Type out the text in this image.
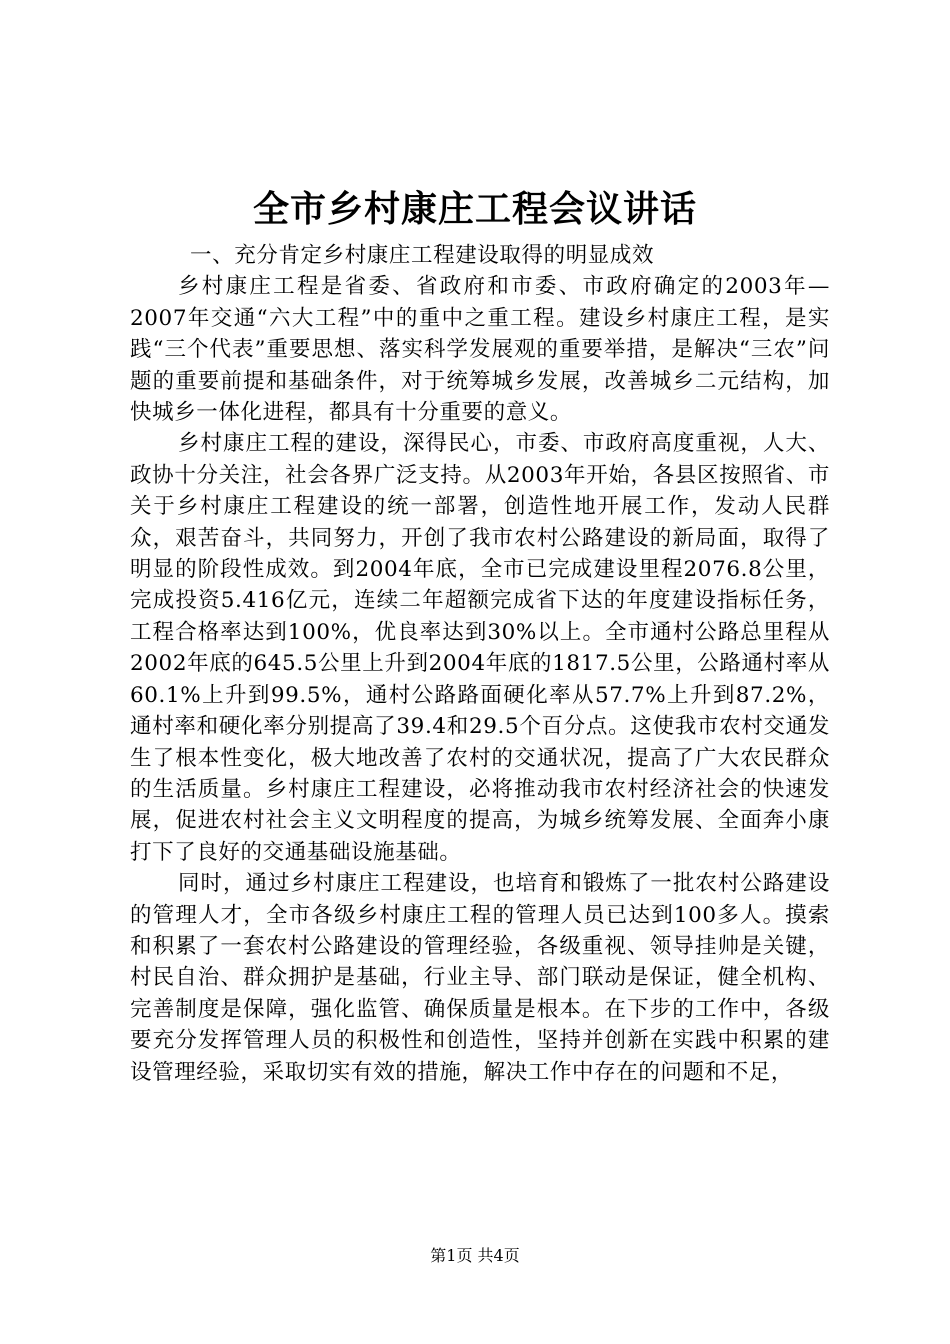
全市乡村康庄工程会议讲话

一、充分肯定乡村康庄工程建设取得的明显成效

乡村康庄工程是省委、省政府和市委、市政府确定的2003年—2007年交通“六大工程”中的重中之重工程。建设乡村康庄工程，是实践“三个代表”重要思想、落实科学发展观的重要举措，是解决“三农”问题的重要前提和基础条件，对于统筹城乡发展，改善城乡二元结构，加快城乡一体化进程，都具有十分重要的意义。

乡村康庄工程的建设，深得民心，市委、市政府高度重视，人大、政协十分关注，社会各界广泛支持。从2003年开始，各县区按照省、市关于乡村康庄工程建设的统一部署，创造性地开展工作，发动人民群众，艰苦奋斗，共同努力，开创了我市农村公路建设的新局面，取得了明显的阶段性成效。到2004年底，全市已完成建设里程2076.8公里，完成投资5.416亿元，连续二年超额完成省下达的年度建设指标任务，工程合格率达到100%，优良率达到30%以上。全市通村公路总里程从2002年底的645.5公里上升到2004年底的1817.5公里，公路通村率从60.1%上升到99.5%，通村公路路面硬化率从57.7%上升到87.2%，通村率和硬化率分别提高了39.4和29.5个百分点。这使我市农村交通发生了根本性变化，极大地改善了农村的交通状况，提高了广大农民群众的生活质量。乡村康庄工程建设，必将推动我市农村经济社会的快速发展，促进农村社会主义文明程度的提高，为城乡统筹发展、全面奔小康打下了良好的交通基础设施基础。

同时，通过乡村康庄工程建设，也培育和锻炼了一批农村公路建设的管理人才，全市各级乡村康庄工程的管理人员已达到100多人。摸索和积累了一套农村公路建设的管理经验，各级重视、领导挂帅是关键，村民自治、群众拥护是基础，行业主导、部门联动是保证，健全机构、完善制度是保障，强化监管、确保质量是根本。在下步的工作中，各级要充分发挥管理人员的积极性和创造性，坚持并创新在实践中积累的建设管理经验，采取切实有效的措施，解决工作中存在的问题和不足，

第1页 共4页
